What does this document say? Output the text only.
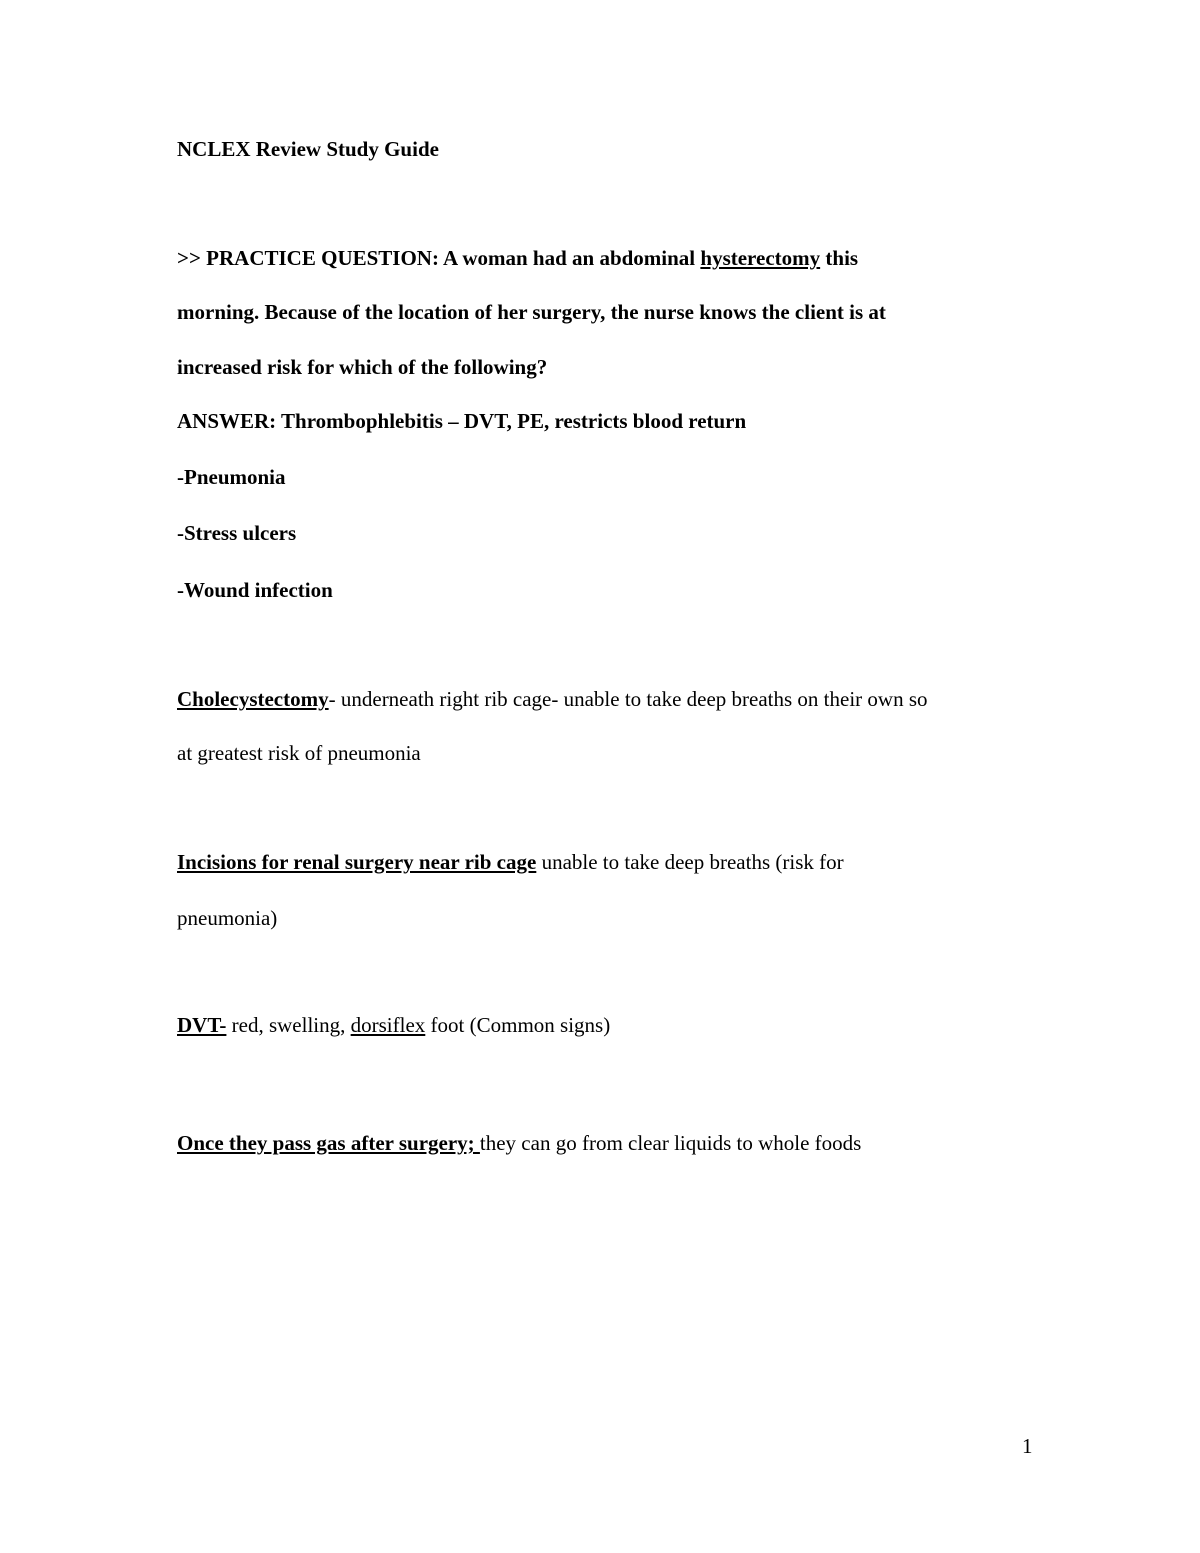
NCLEX Review Study Guide
>> PRACTICE QUESTION: A woman had an abdominal hysterectomy this
morning. Because of the location of her surgery, the nurse knows the client is at
increased risk for which of the following?
ANSWER: Thrombophlebitis – DVT, PE, restricts blood return
-Pneumonia
-Stress ulcers
-Wound infection
Cholecystectomy- underneath right rib cage- unable to take deep breaths on their own so
at greatest risk of pneumonia
Incisions for renal surgery near rib cage unable to take deep breaths (risk for
pneumonia)
DVT- red, swelling, dorsiflex foot (Common signs)
Once they pass gas after surgery; they can go from clear liquids to whole foods
1
